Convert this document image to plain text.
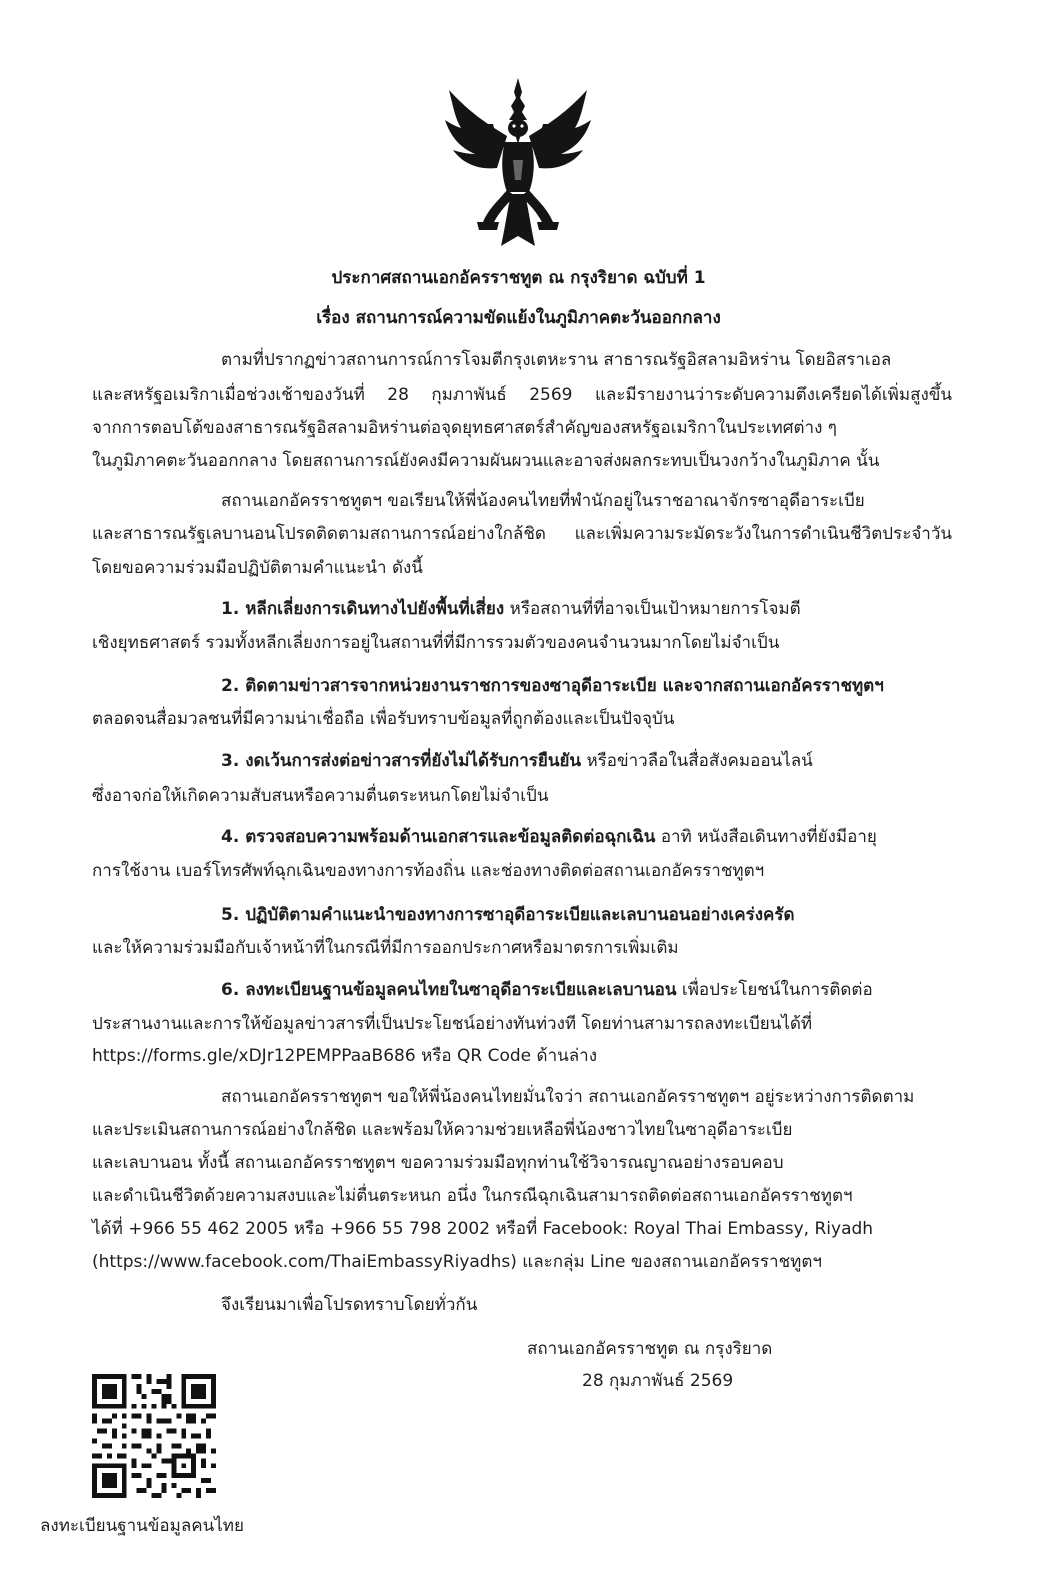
ประกาศสถานเอกอัครราชทูต ณ กรุงริยาด ฉบับที่ 1
เรื่อง สถานการณ์ความขัดแย้งในภูมิภาคตะวันออกกลาง
ตามที่ปรากฏข่าวสถานการณ์การโจมตีกรุงเตหะราน สาธารณรัฐอิสลามอิหร่าน โดยอิสราเอล
และสหรัฐอเมริกาเมื่อช่วงเช้าของวันที่ 28 กุมภาพันธ์ 2569 และมีรายงานว่าระดับความตึงเครียดได้เพิ่มสูงขึ้น
จากการตอบโต้ของสาธารณรัฐอิสลามอิหร่านต่อจุดยุทธศาสตร์สำคัญของสหรัฐอเมริกาในประเทศต่าง ๆ
ในภูมิภาคตะวันออกกลาง โดยสถานการณ์ยังคงมีความผันผวนและอาจส่งผลกระทบเป็นวงกว้างในภูมิภาค นั้น
สถานเอกอัครราชทูตฯ ขอเรียนให้พี่น้องคนไทยที่พำนักอยู่ในราชอาณาจักรซาอุดีอาระเบีย
และสาธารณรัฐเลบานอนโปรดติดตามสถานการณ์อย่างใกล้ชิด และเพิ่มความระมัดระวังในการดำเนินชีวิตประจำวัน
โดยขอความร่วมมือปฏิบัติตามคำแนะนำ ดังนี้
1. หลีกเลี่ยงการเดินทางไปยังพื้นที่เสี่ยง หรือสถานที่ที่อาจเป็นเป้าหมายการโจมตี
เชิงยุทธศาสตร์ รวมทั้งหลีกเลี่ยงการอยู่ในสถานที่ที่มีการรวมตัวของคนจำนวนมากโดยไม่จำเป็น
2. ติดตามข่าวสารจากหน่วยงานราชการของซาอุดีอาระเบีย และจากสถานเอกอัครราชทูตฯ
ตลอดจนสื่อมวลชนที่มีความน่าเชื่อถือ เพื่อรับทราบข้อมูลที่ถูกต้องและเป็นปัจจุบัน
3. งดเว้นการส่งต่อข่าวสารที่ยังไม่ได้รับการยืนยัน หรือข่าวลือในสื่อสังคมออนไลน์
ซึ่งอาจก่อให้เกิดความสับสนหรือความตื่นตระหนกโดยไม่จำเป็น
4. ตรวจสอบความพร้อมด้านเอกสารและข้อมูลติดต่อฉุกเฉิน อาทิ หนังสือเดินทางที่ยังมีอายุ
การใช้งาน เบอร์โทรศัพท์ฉุกเฉินของทางการท้องถิ่น และช่องทางติดต่อสถานเอกอัครราชทูตฯ
5. ปฏิบัติตามคำแนะนำของทางการซาอุดีอาระเบียและเลบานอนอย่างเคร่งครัด
และให้ความร่วมมือกับเจ้าหน้าที่ในกรณีที่มีการออกประกาศหรือมาตรการเพิ่มเติม
6. ลงทะเบียนฐานข้อมูลคนไทยในซาอุดีอาระเบียและเลบานอน เพื่อประโยชน์ในการติดต่อ
ประสานงานและการให้ข้อมูลข่าวสารที่เป็นประโยชน์อย่างทันท่วงที โดยท่านสามารถลงทะเบียนได้ที่
https://forms.gle/xDJr12PEMPPaaB686 หรือ QR Code ด้านล่าง
สถานเอกอัครราชทูตฯ ขอให้พี่น้องคนไทยมั่นใจว่า สถานเอกอัครราชทูตฯ อยู่ระหว่างการติดตาม
และประเมินสถานการณ์อย่างใกล้ชิด และพร้อมให้ความช่วยเหลือพี่น้องชาวไทยในซาอุดีอาระเบีย
และเลบานอน ทั้งนี้ สถานเอกอัครราชทูตฯ ขอความร่วมมือทุกท่านใช้วิจารณญาณอย่างรอบคอบ
และดำเนินชีวิตด้วยความสงบและไม่ตื่นตระหนก อนึ่ง ในกรณีฉุกเฉินสามารถติดต่อสถานเอกอัครราชทูตฯ
ได้ที่ +966 55 462 2005 หรือ +966 55 798 2002 หรือที่ Facebook: Royal Thai Embassy, Riyadh
(https://www.facebook.com/ThaiEmbassyRiyadhs) และกลุ่ม Line ของสถานเอกอัครราชทูตฯ
จึงเรียนมาเพื่อโปรดทราบโดยทั่วกัน
สถานเอกอัครราชทูต ณ กรุงริยาด
28 กุมภาพันธ์ 2569
ลงทะเบียนฐานข้อมูลคนไทย
